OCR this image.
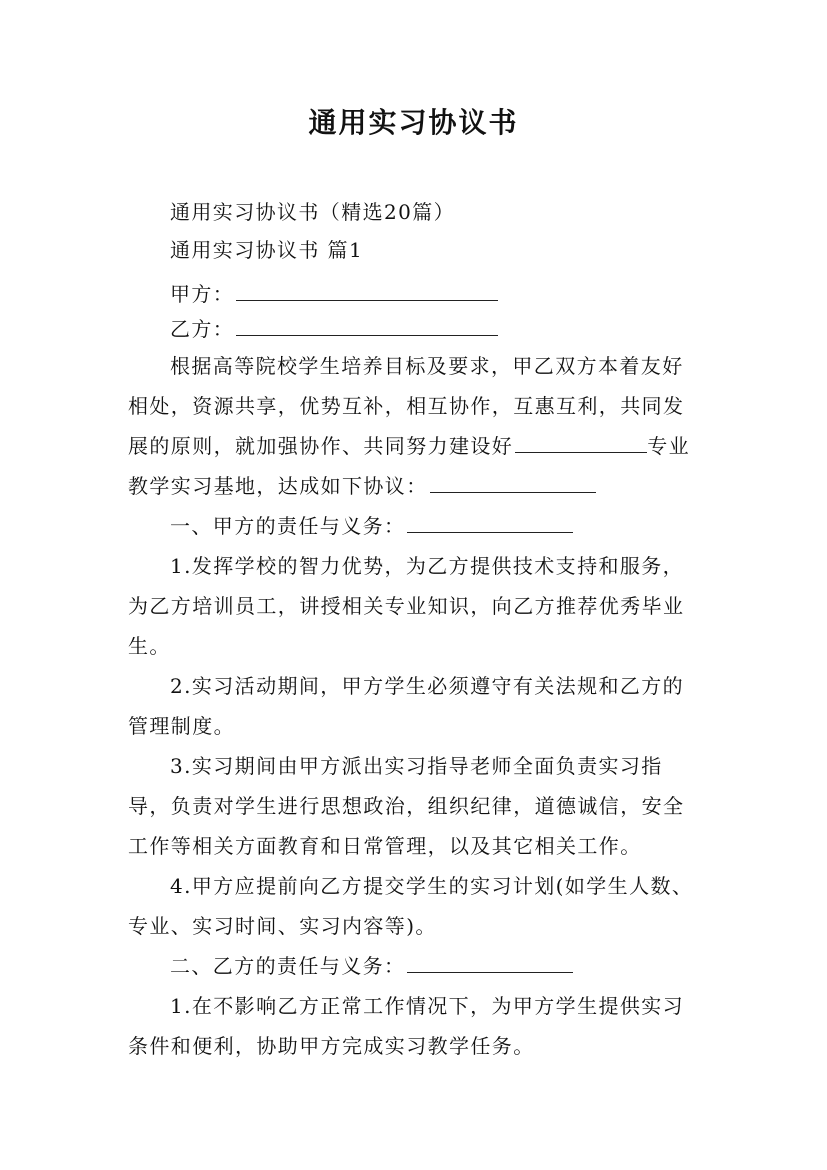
通用实习协议书
通用实习协议书（精选20篇）
通用实习协议书 篇1
甲方：
乙方：
根据高等院校学生培养目标及要求，甲乙双方本着友好
相处，资源共享，优势互补，相互协作，互惠互利，共同发
展的原则，就加强协作、共同努力建设好	专业
教学实习基地，达成如下协议：
一、甲方的责任与义务：
1.发挥学校的智力优势，为乙方提供技术支持和服务，
为乙方培训员工，讲授相关专业知识，向乙方推荐优秀毕业
生。
2.实习活动期间，甲方学生必须遵守有关法规和乙方的
管理制度。
3.实习期间由甲方派出实习指导老师全面负责实习指
导，负责对学生进行思想政治，组织纪律，道德诚信，安全
工作等相关方面教育和日常管理，以及其它相关工作。
4.甲方应提前向乙方提交学生的实习计划(如学生人数、
专业、实习时间、实习内容等)。
二、乙方的责任与义务：
1.在不影响乙方正常工作情况下，为甲方学生提供实习
条件和便利，协助甲方完成实习教学任务。
